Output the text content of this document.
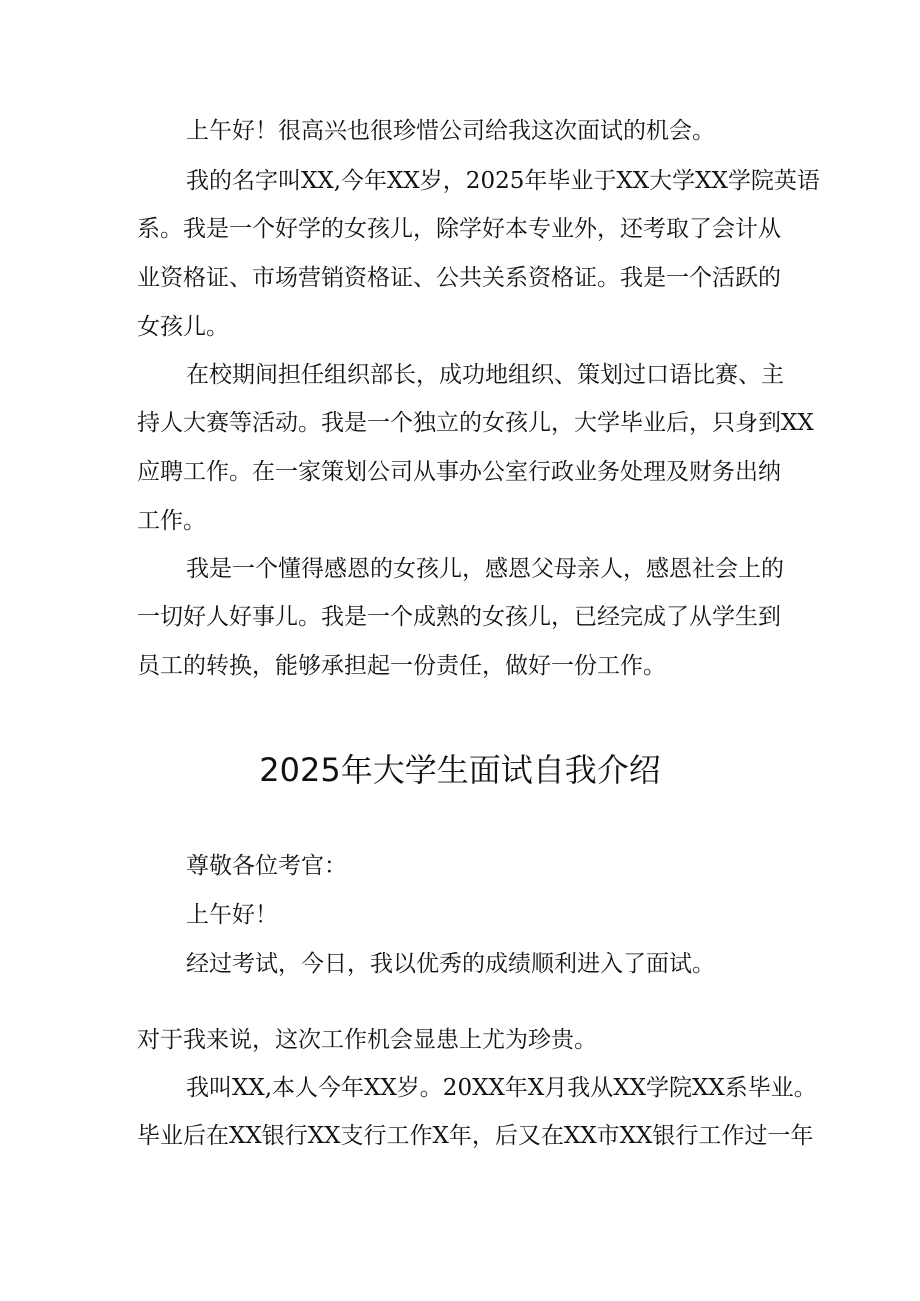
上午好！很高兴也很珍惜公司给我这次面试的机会。
我的名字叫XX,今年XX岁，2025年毕业于XX大学XX学院英语
系。我是一个好学的女孩儿，除学好本专业外，还考取了会计从
业资格证、市场营销资格证、公共关系资格证。我是一个活跃的
女孩儿。
在校期间担任组织部长，成功地组织、策划过口语比赛、主
持人大赛等活动。我是一个独立的女孩儿，大学毕业后，只身到XX
应聘工作。在一家策划公司从事办公室行政业务处理及财务出纳
工作。
我是一个懂得感恩的女孩儿，感恩父母亲人，感恩社会上的
一切好人好事儿。我是一个成熟的女孩儿，已经完成了从学生到
员工的转换，能够承担起一份责任，做好一份工作。
2025年大学生面试自我介绍
尊敬各位考官：
上午好！
经过考试，今日，我以优秀的成绩顺利进入了面试。
对于我来说，这次工作机会显患上尤为珍贵。
我叫XX,本人今年XX岁。20XX年X月我从XX学院XX系毕业。
毕业后在XX银行XX支行工作X年，后又在XX市XX银行工作过一年
